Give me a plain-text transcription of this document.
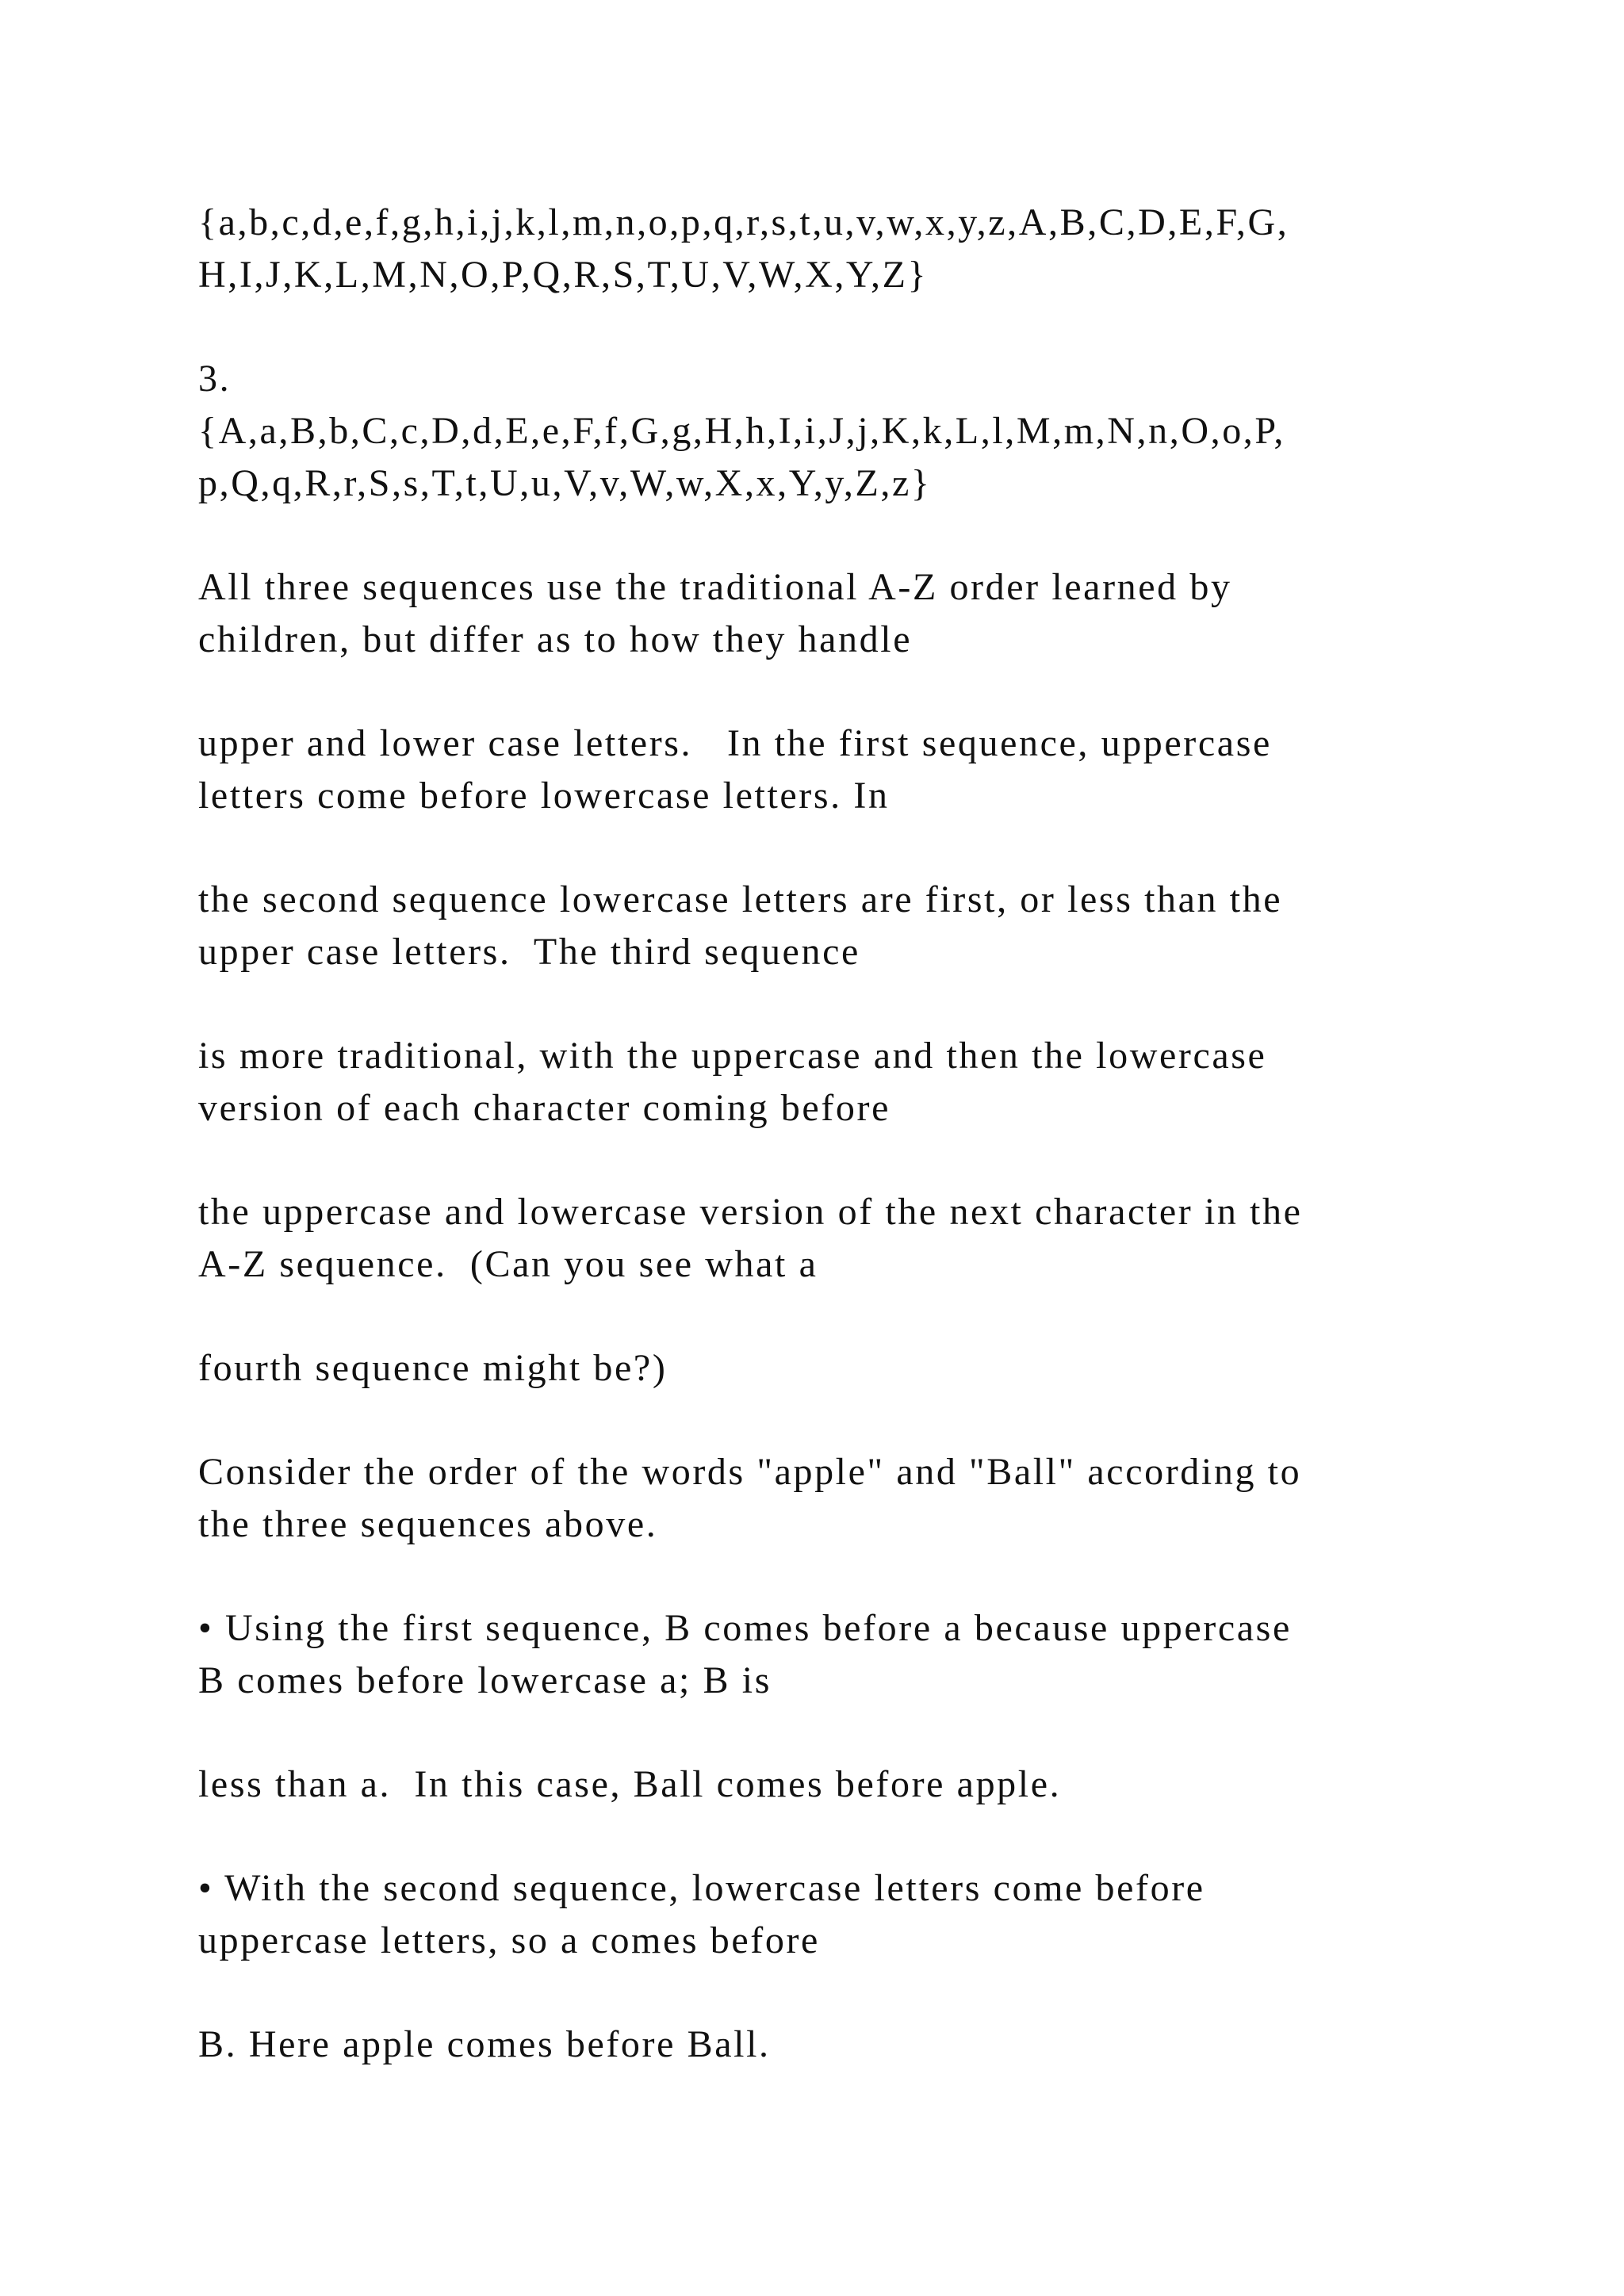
{a,b,c,d,e,f,g,h,i,j,k,l,m,n,o,p,q,r,s,t,u,v,w,x,y,z,A,B,C,D,E,F,G,
H,I,J,K,L,M,N,O,P,Q,R,S,T,U,V,W,X,Y,Z}

3.
{A,a,B,b,C,c,D,d,E,e,F,f,G,g,H,h,I,i,J,j,K,k,L,l,M,m,N,n,O,o,P,
p,Q,q,R,r,S,s,T,t,U,u,V,v,W,w,X,x,Y,y,Z,z}

All three sequences use the traditional A-Z order learned by
children, but differ as to how they handle

upper and lower case letters.   In the first sequence, uppercase
letters come before lowercase letters. In

the second sequence lowercase letters are first, or less than the
upper case letters.  The third sequence

is more traditional, with the uppercase and then the lowercase
version of each character coming before

the uppercase and lowercase version of the next character in the
A-Z sequence.  (Can you see what a

fourth sequence might be?)

Consider the order of the words "apple" and "Ball" according to
the three sequences above.

• Using the first sequence, B comes before a because uppercase
B comes before lowercase a; B is

less than a.  In this case, Ball comes before apple.

• With the second sequence, lowercase letters come before
uppercase letters, so a comes before

B. Here apple comes before Ball.
